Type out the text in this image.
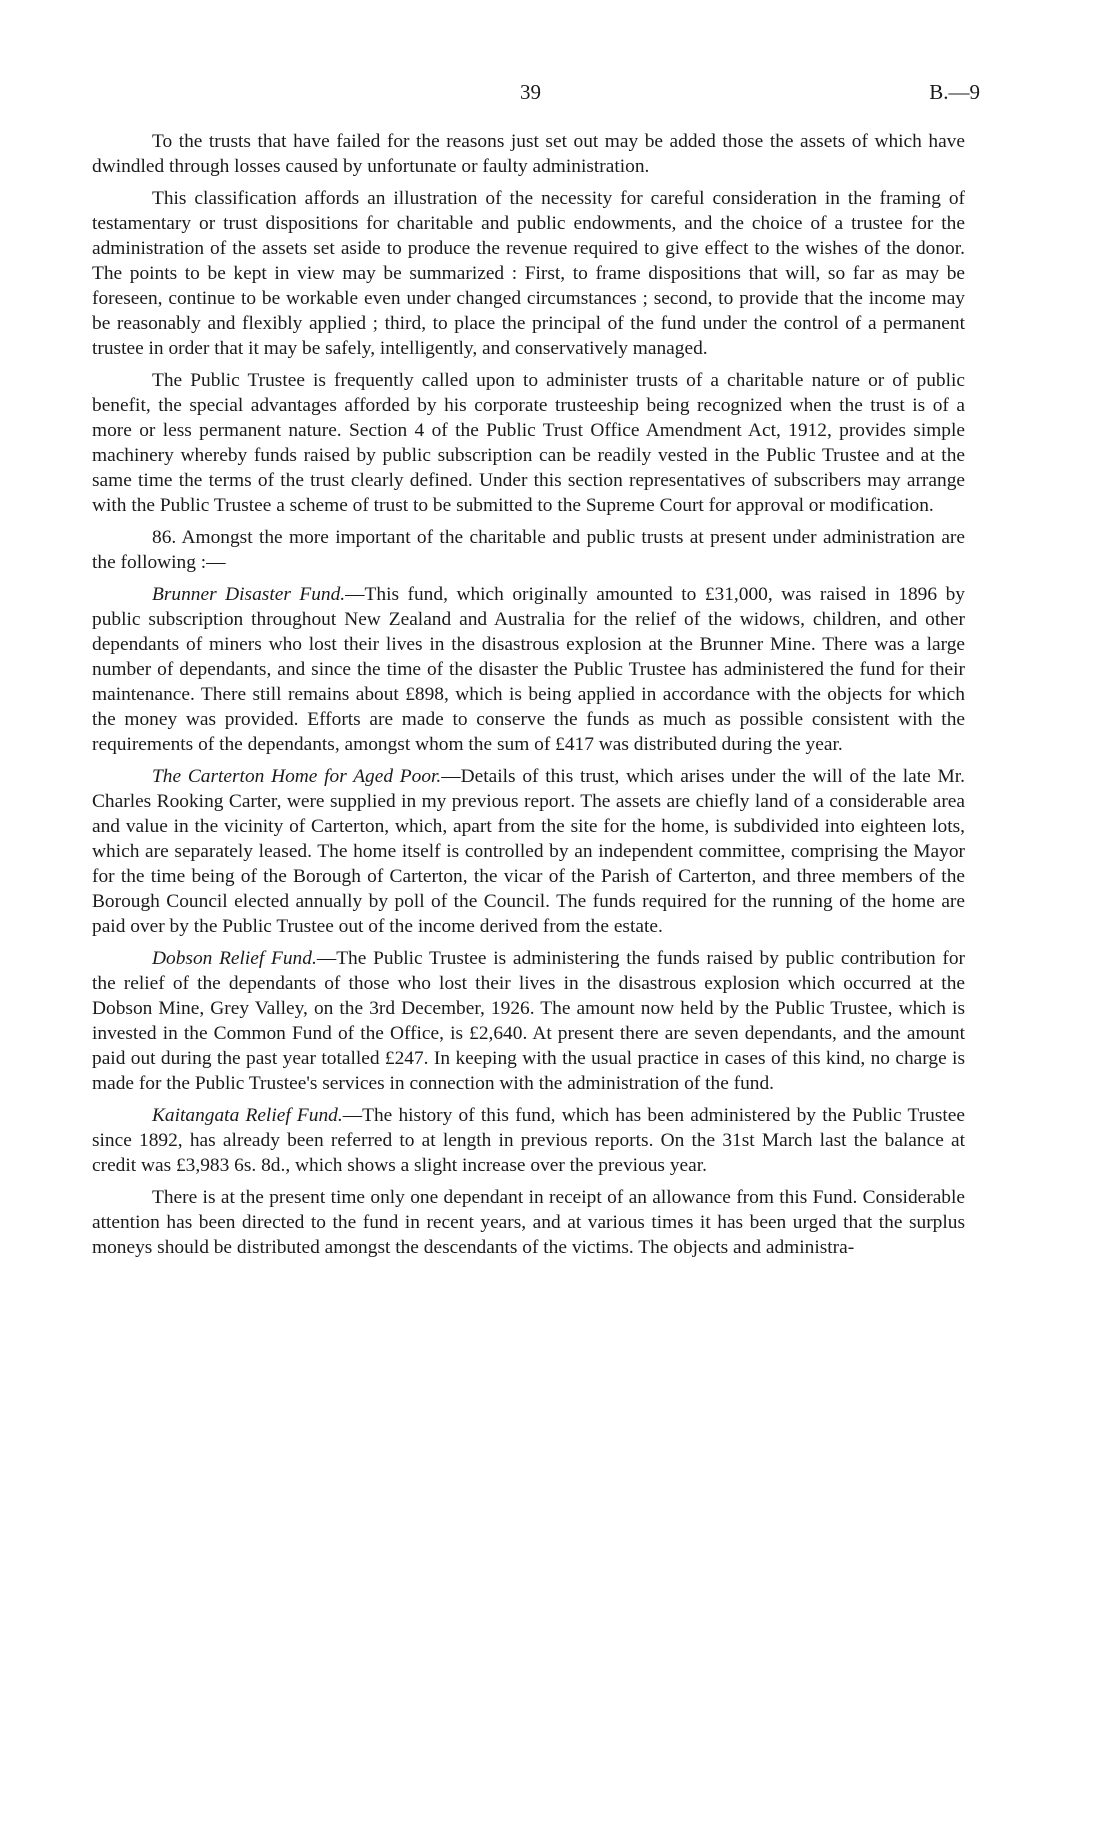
39	B.—9

To the trusts that have failed for the reasons just set out may be added those the assets of which have dwindled through losses caused by unfortunate or faulty administration.

This classification affords an illustration of the necessity for careful consideration in the framing of testamentary or trust dispositions for charitable and public endowments, and the choice of a trustee for the administration of the assets set aside to produce the revenue required to give effect to the wishes of the donor. The points to be kept in view may be summarized : First, to frame dispositions that will, so far as may be foreseen, continue to be workable even under changed circumstances ; second, to provide that the income may be reasonably and flexibly applied ; third, to place the principal of the fund under the control of a permanent trustee in order that it may be safely, intelligently, and conservatively managed.

The Public Trustee is frequently called upon to administer trusts of a charitable nature or of public benefit, the special advantages afforded by his corporate trusteeship being recognized when the trust is of a more or less permanent nature. Section 4 of the Public Trust Office Amendment Act, 1912, provides simple machinery whereby funds raised by public subscription can be readily vested in the Public Trustee and at the same time the terms of the trust clearly defined. Under this section representatives of subscribers may arrange with the Public Trustee a scheme of trust to be submitted to the Supreme Court for approval or modification.

86. Amongst the more important of the charitable and public trusts at present under administration are the following :—

Brunner Disaster Fund.—This fund, which originally amounted to £31,000, was raised in 1896 by public subscription throughout New Zealand and Australia for the relief of the widows, children, and other dependants of miners who lost their lives in the disastrous explosion at the Brunner Mine. There was a large number of dependants, and since the time of the disaster the Public Trustee has administered the fund for their maintenance. There still remains about £898, which is being applied in accordance with the objects for which the money was provided. Efforts are made to conserve the funds as much as possible consistent with the requirements of the dependants, amongst whom the sum of £417 was distributed during the year.

The Carterton Home for Aged Poor.—Details of this trust, which arises under the will of the late Mr. Charles Rooking Carter, were supplied in my previous report. The assets are chiefly land of a considerable area and value in the vicinity of Carterton, which, apart from the site for the home, is subdivided into eighteen lots, which are separately leased. The home itself is controlled by an independent committee, comprising the Mayor for the time being of the Borough of Carterton, the vicar of the Parish of Carterton, and three members of the Borough Council elected annually by poll of the Council. The funds required for the running of the home are paid over by the Public Trustee out of the income derived from the estate.

Dobson Relief Fund.—The Public Trustee is administering the funds raised by public contribution for the relief of the dependants of those who lost their lives in the disastrous explosion which occurred at the Dobson Mine, Grey Valley, on the 3rd December, 1926. The amount now held by the Public Trustee, which is invested in the Common Fund of the Office, is £2,640. At present there are seven dependants, and the amount paid out during the past year totalled £247. In keeping with the usual practice in cases of this kind, no charge is made for the Public Trustee's services in connection with the administration of the fund.

Kaitangata Relief Fund.—The history of this fund, which has been administered by the Public Trustee since 1892, has already been referred to at length in previous reports. On the 31st March last the balance at credit was £3,983 6s. 8d., which shows a slight increase over the previous year.

There is at the present time only one dependant in receipt of an allowance from this Fund. Considerable attention has been directed to the fund in recent years, and at various times it has been urged that the surplus moneys should be distributed amongst the descendants of the victims. The objects and administra-
